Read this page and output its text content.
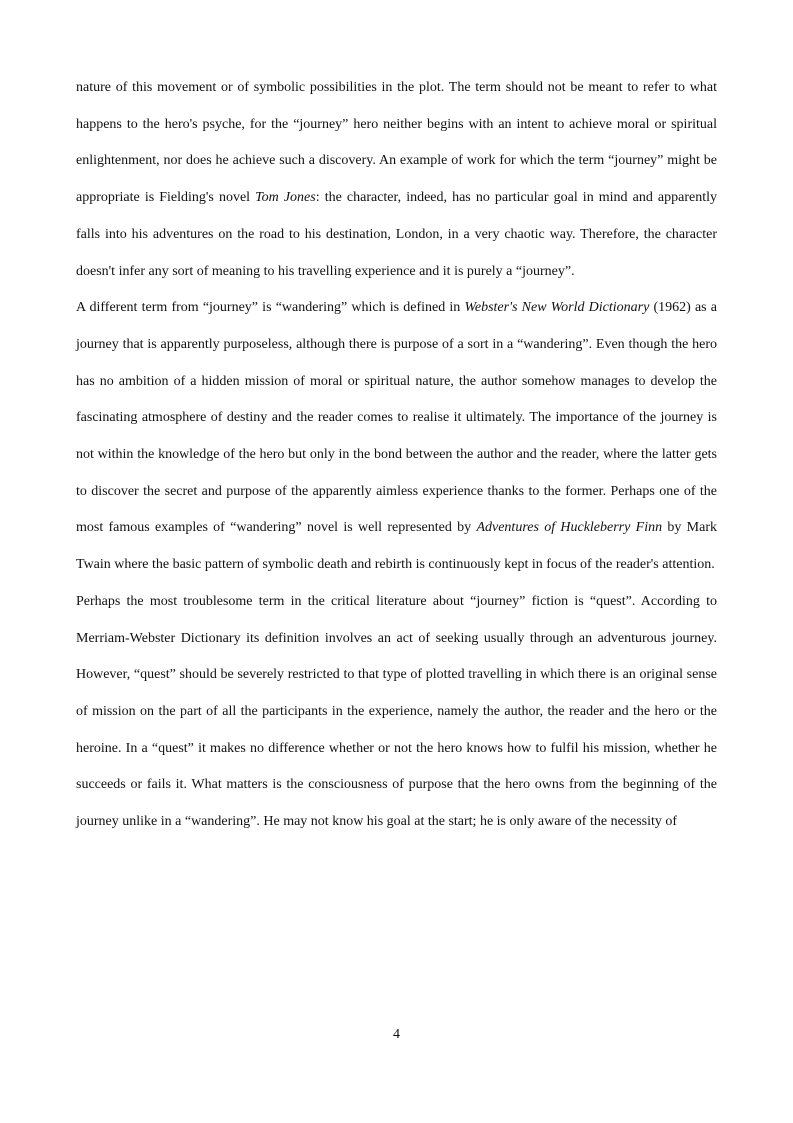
nature of this movement or of symbolic possibilities in the plot. The term should not be meant to refer to what happens to the hero's psyche, for the “journey” hero neither begins with an intent to achieve moral or spiritual enlightenment, nor does he achieve such a discovery. An example of work for which the term “journey” might be appropriate is Fielding's novel Tom Jones: the character, indeed, has no particular goal in mind and apparently falls into his adventures on the road to his destination, London, in a very chaotic way. Therefore, the character doesn't infer any sort of meaning to his travelling experience and it is purely a “journey”.

A different term from “journey” is “wandering” which is defined in Webster's New World Dictionary (1962) as a journey that is apparently purposeless, although there is purpose of a sort in a “wandering”. Even though the hero has no ambition of a hidden mission of moral or spiritual nature, the author somehow manages to develop the fascinating atmosphere of destiny and the reader comes to realise it ultimately. The importance of the journey is not within the knowledge of the hero but only in the bond between the author and the reader, where the latter gets to discover the secret and purpose of the apparently aimless experience thanks to the former. Perhaps one of the most famous examples of “wandering” novel is well represented by Adventures of Huckleberry Finn by Mark Twain where the basic pattern of symbolic death and rebirth is continuously kept in focus of the reader's attention.

Perhaps the most troublesome term in the critical literature about “journey” fiction is “quest”. According to Merriam-Webster Dictionary its definition involves an act of seeking usually through an adventurous journey. However, “quest” should be severely restricted to that type of plotted travelling in which there is an original sense of mission on the part of all the participants in the experience, namely the author, the reader and the hero or the heroine. In a “quest” it makes no difference whether or not the hero knows how to fulfil his mission, whether he succeeds or fails it. What matters is the consciousness of purpose that the hero owns from the beginning of the journey unlike in a “wandering”. He may not know his goal at the start; he is only aware of the necessity of

4
